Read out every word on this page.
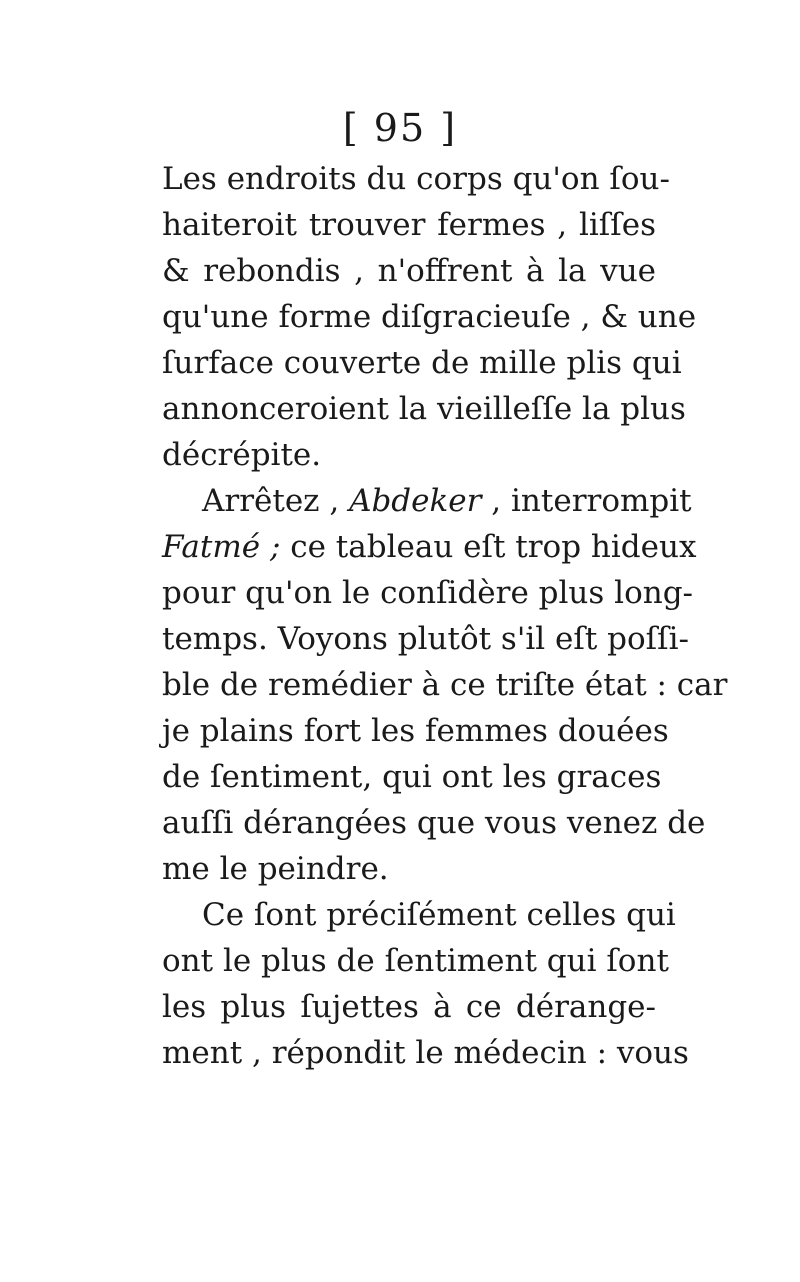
[ 95 ]
Les endroits du corps qu'on ſou-
haiteroit trouver fermes , liſſes
& rebondis , n'offrent à la vue
qu'une forme diſgracieuſe , & une
ſurface couverte de mille plis qui
annonceroient la vieilleſſe la plus
décrépite.
Arrêtez , Abdeker , interrompit
Fatmé ; ce tableau eſt trop hideux
pour qu'on le conſidère plus long-
temps. Voyons plutôt s'il eſt poſſi-
ble de remédier à ce triſte état : car
je plains fort les femmes douées
de ſentiment, qui ont les graces
auſſi dérangées que vous venez de
me le peindre.
Ce ſont préciſément celles qui
ont le plus de ſentiment qui ſont
les plus ſujettes à ce dérange-
ment , répondit le médecin : vous
